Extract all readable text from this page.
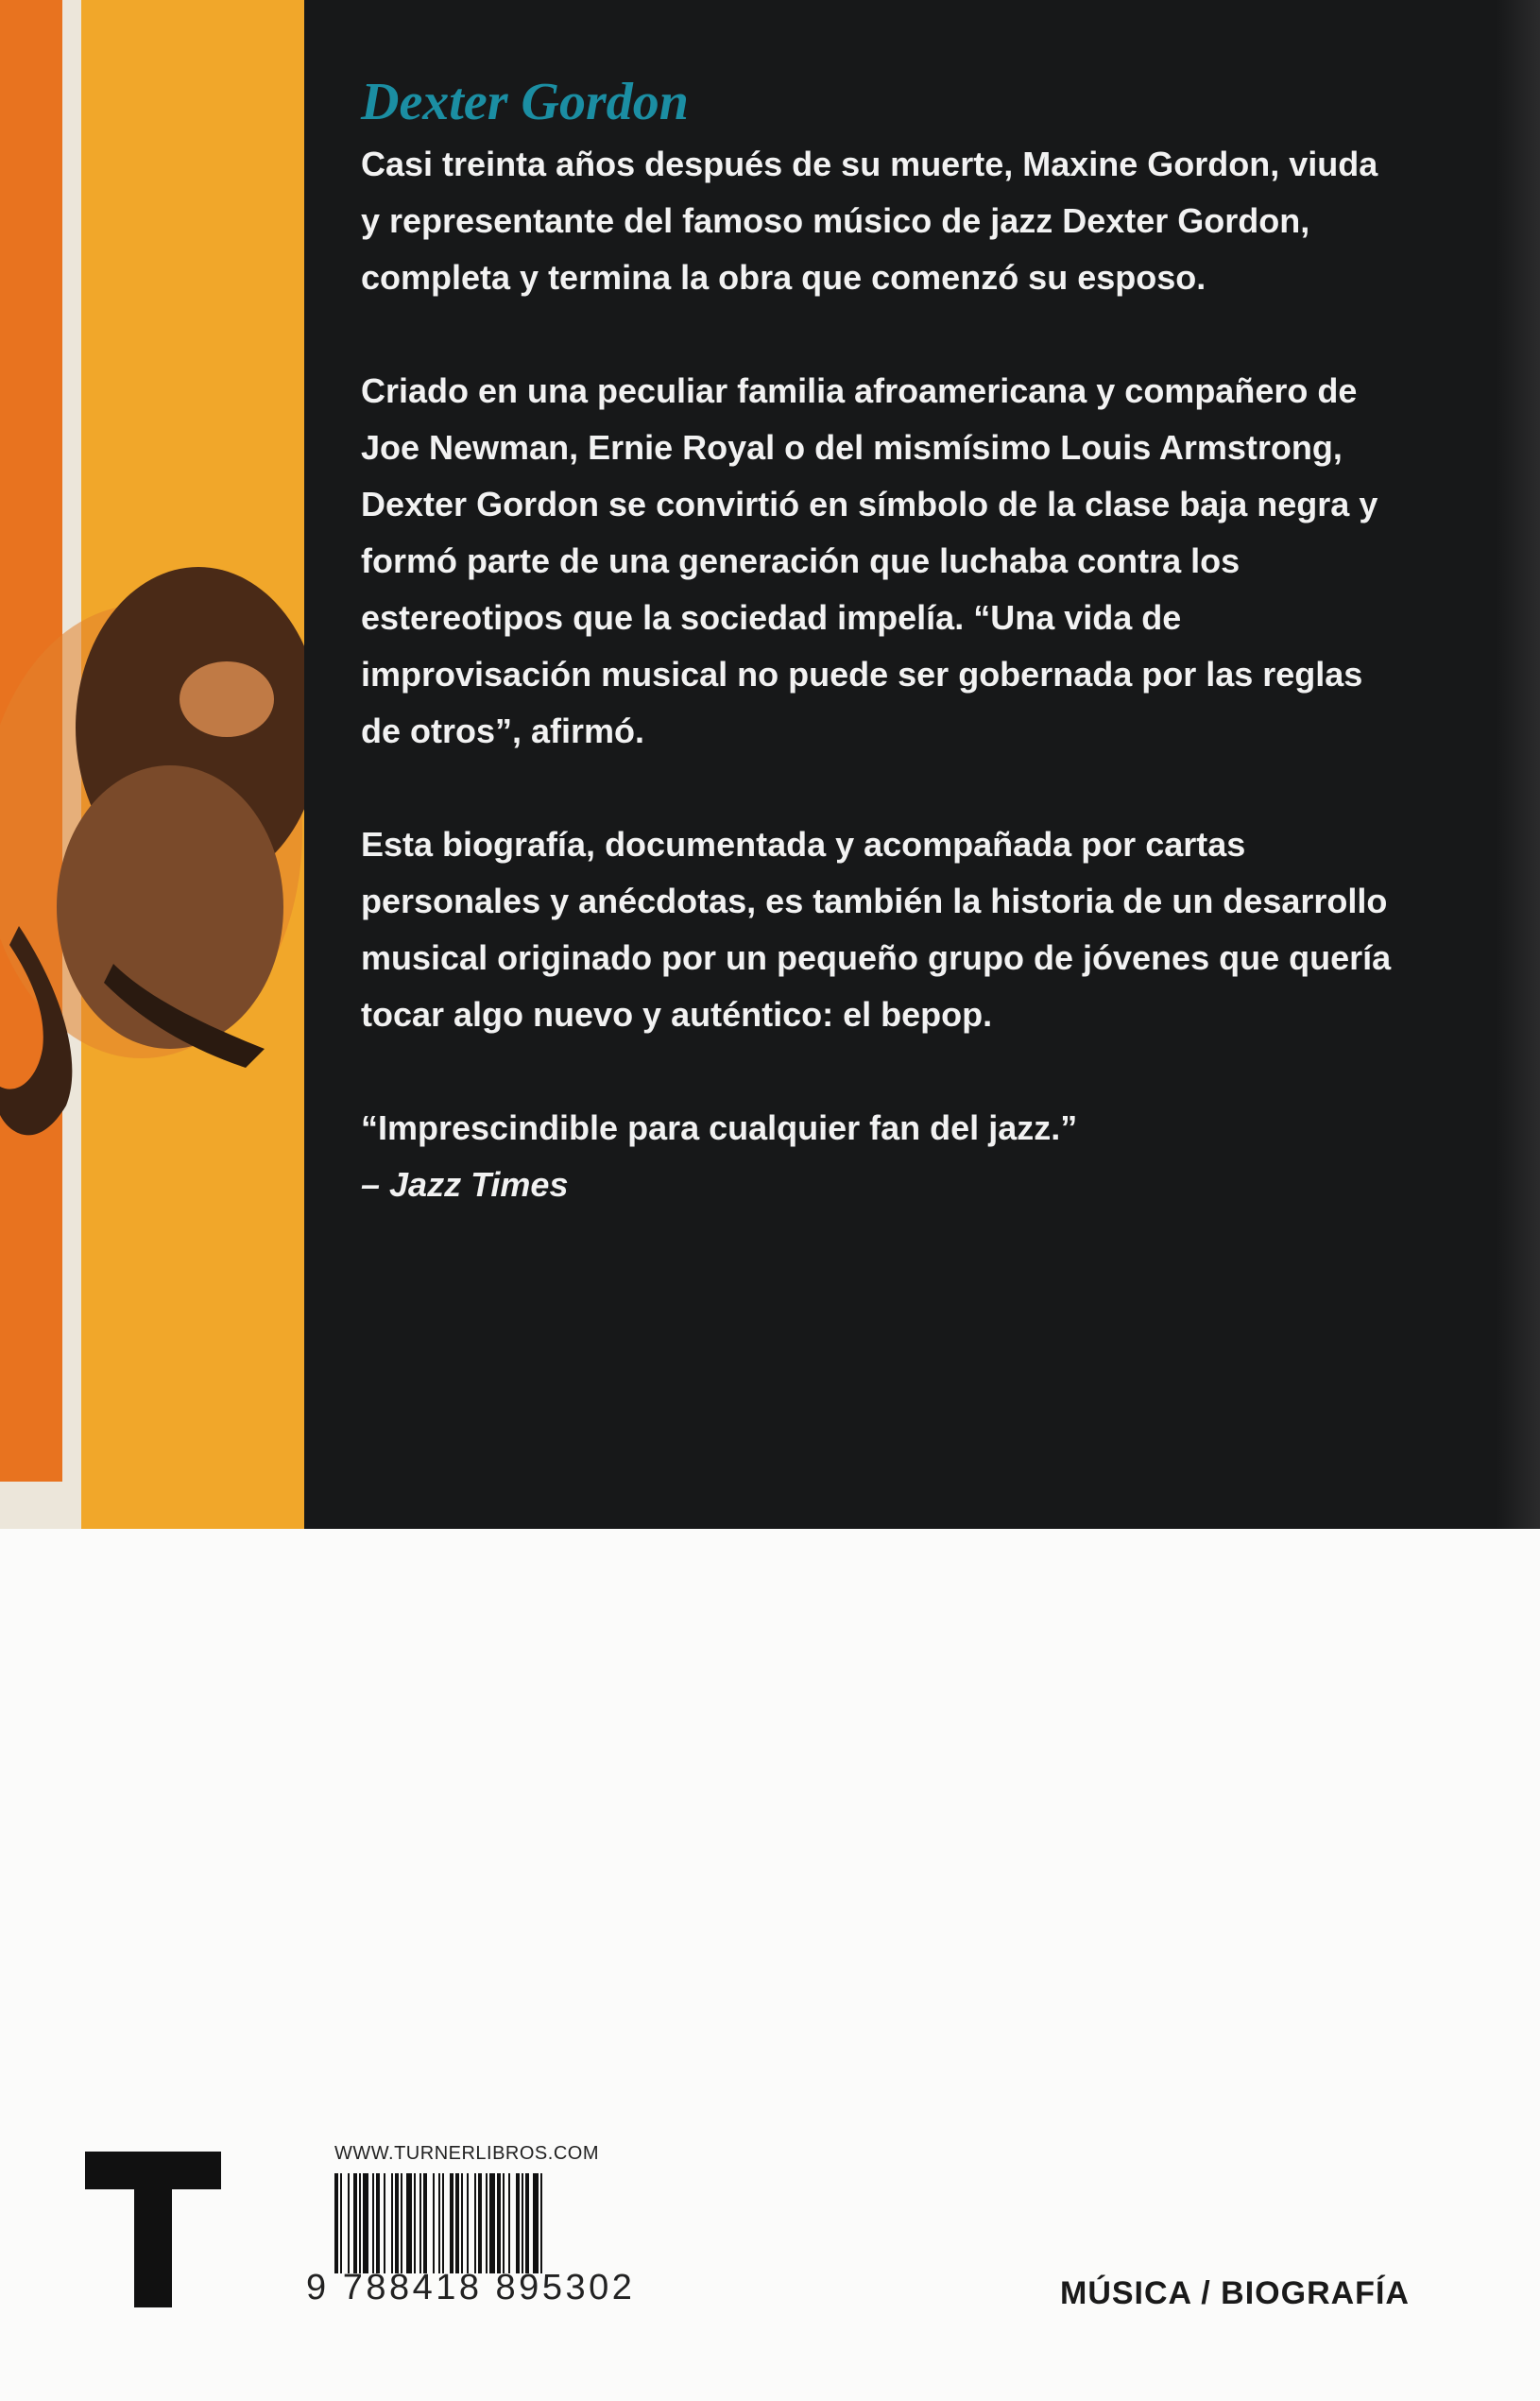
Dexter Gordon

Casi treinta años después de su muerte, Maxine Gordon, viuda y representante del famoso músico de jazz Dexter Gordon, completa y termina la obra que comenzó su esposo.

Criado en una peculiar familia afroamericana y compañero de Joe Newman, Ernie Royal o del mismísimo Louis Armstrong, Dexter Gordon se convirtió en símbolo de la clase baja negra y formó parte de una generación que luchaba contra los estereotipos que la sociedad impelía. “Una vida de improvisación musical no puede ser gobernada por las reglas de otros”, afirmó.

Esta biografía, documentada y acompañada por cartas personales y anécdotas, es también la historia de un desarrollo musical originado por un pequeño grupo de jóvenes que quería tocar algo nuevo y auténtico: el bepop.

“Imprescindible para cualquier fan del jazz.”

– Jazz Times

WWW.TURNERLIBROS.COM
9 788418 895302	MÚSICA / BIOGRAFÍA
